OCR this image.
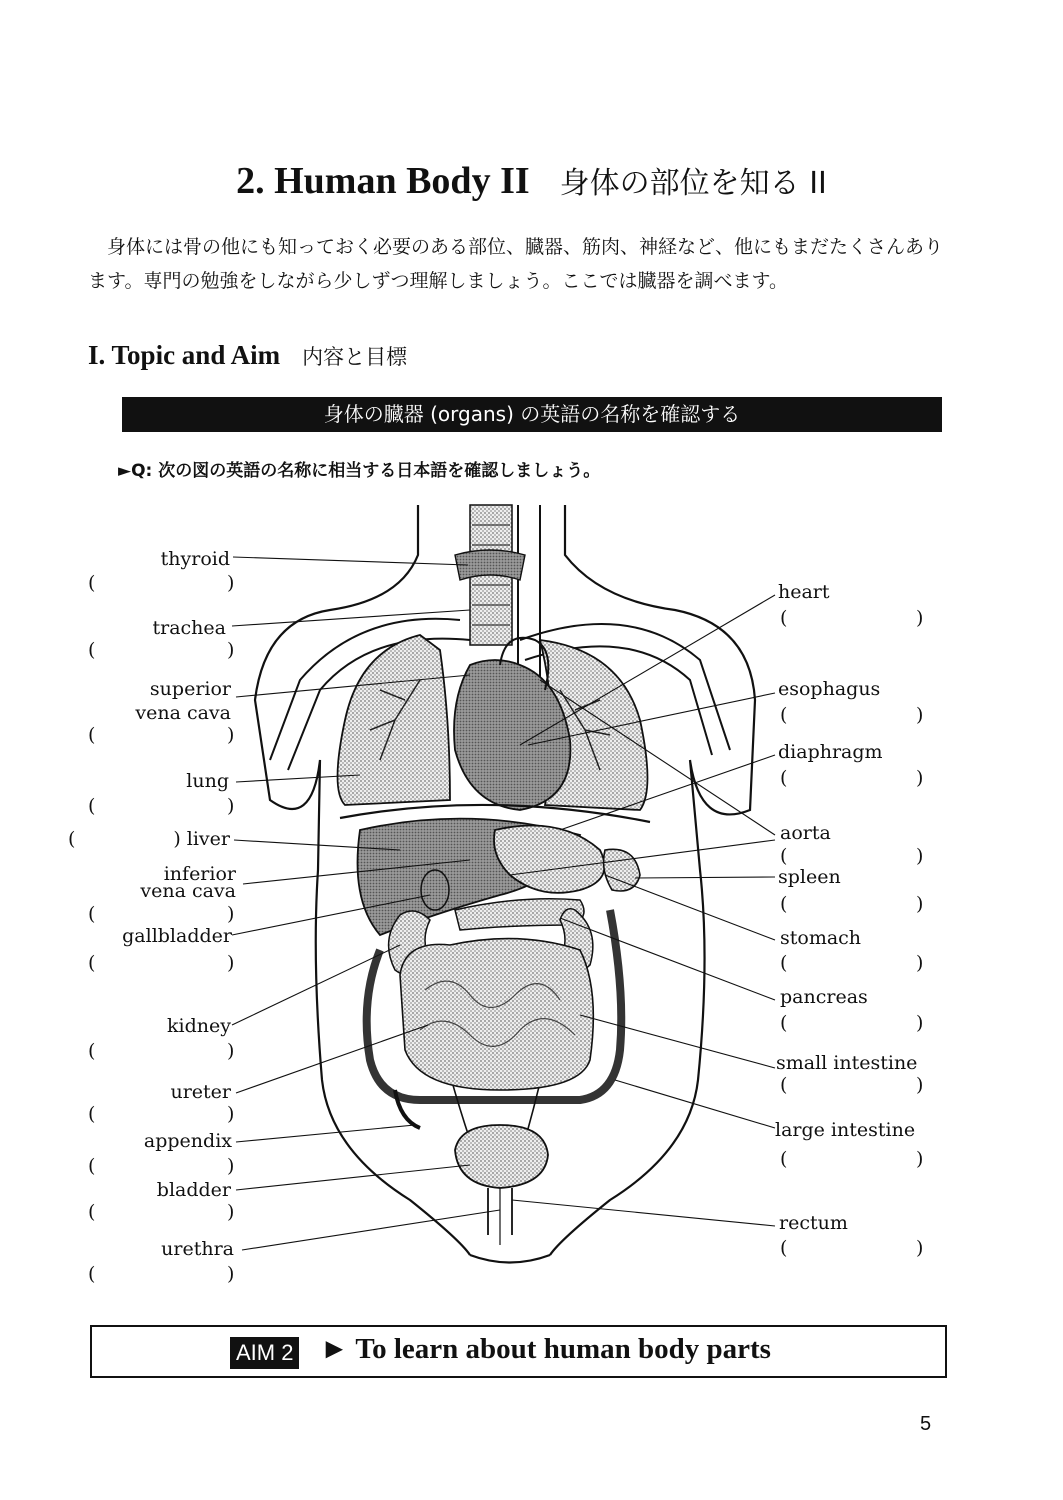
2. Human Body II 身体の部位を知る II
身体には骨の他にも知っておく必要のある部位、臓器、筋肉、神経など、他にもまだたくさんあります。専門の勉強をしながら少しずつ理解しましょう。ここでは臓器を調べます。
I. Topic and Aim 内容と目標
身体の臓器 (organs) の英語の名称を確認する
►Q: 次の図の英語の名称に相当する日本語を確認しましょう。
thyroid
(	)
trachea
(	)
superior
vena cava
(	)
lung
(	)
(	) liver
inferior
vena cava
(	)
gallbladder
(	)
kidney
(	)
ureter
(	)
appendix
(	)
bladder
(	)
urethra
(	)
heart
(	)
esophagus
(	)
diaphragm
(	)
aorta
(	)
spleen
(	)
stomach
(	)
pancreas
(	)
small intestine
(	)
large intestine
(	)
rectum
(	)
AIM 2 ► To learn about human body parts
5
